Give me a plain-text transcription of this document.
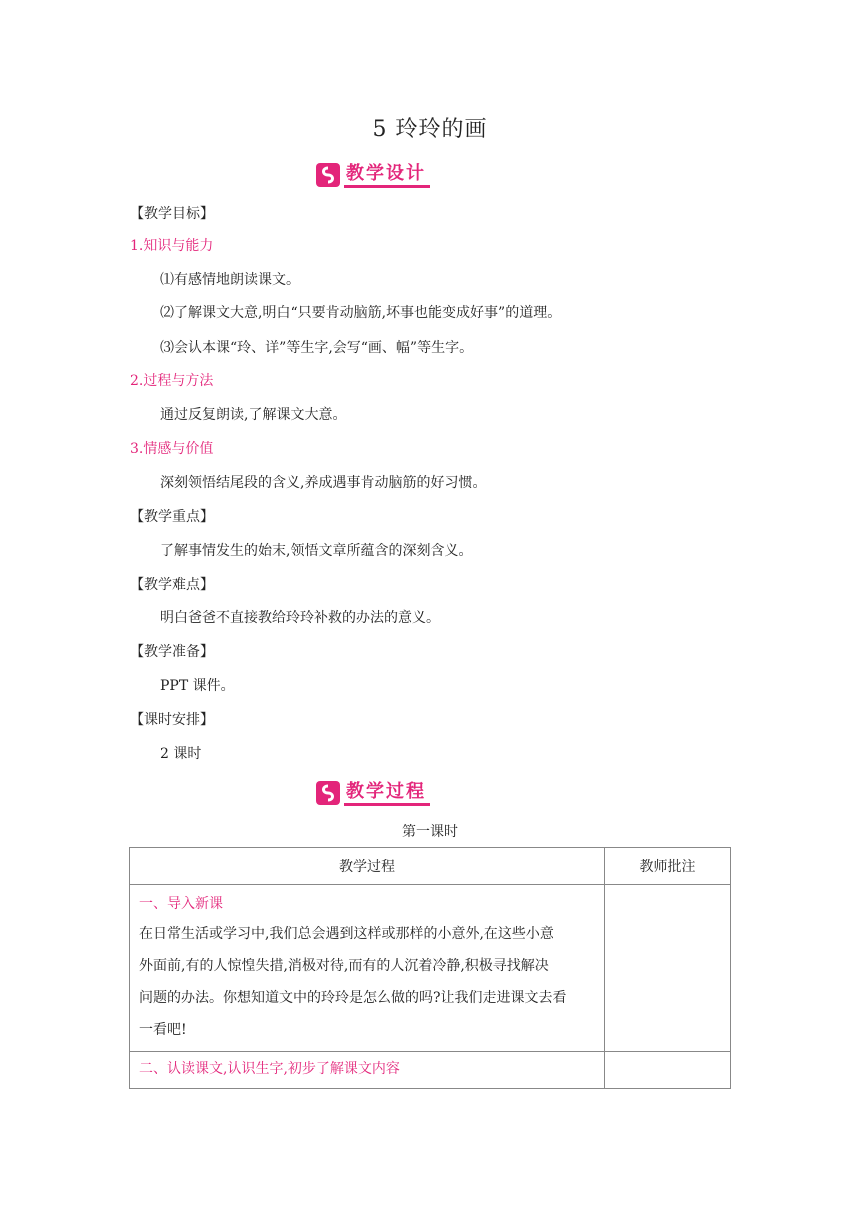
5 玲玲的画
教学设计
【教学目标】
1.知识与能力
⑴有感情地朗读课文。
⑵了解课文大意,明白“只要肯动脑筋,坏事也能变成好事”的道理。
⑶会认本课“玲、详”等生字,会写“画、幅”等生字。
2.过程与方法
通过反复朗读,了解课文大意。
3.情感与价值
深刻领悟结尾段的含义,养成遇事肯动脑筋的好习惯。
【教学重点】
了解事情发生的始末,领悟文章所蕴含的深刻含义。
【教学难点】
明白爸爸不直接教给玲玲补救的办法的意义。
【教学准备】
PPT 课件。
【课时安排】
2 课时
教学过程
第一课时
教学过程	教师批注

一、导入新课
在日常生活或学习中,我们总会遇到这样或那样的小意外,在这些小意
外面前,有的人惊惶失措,消极对待,而有的人沉着冷静,积极寻找解决
问题的办法。你想知道文中的玲玲是怎么做的吗?让我们走进课文去看
一看吧!	

二、认读课文,认识生字,初步了解课文内容	
